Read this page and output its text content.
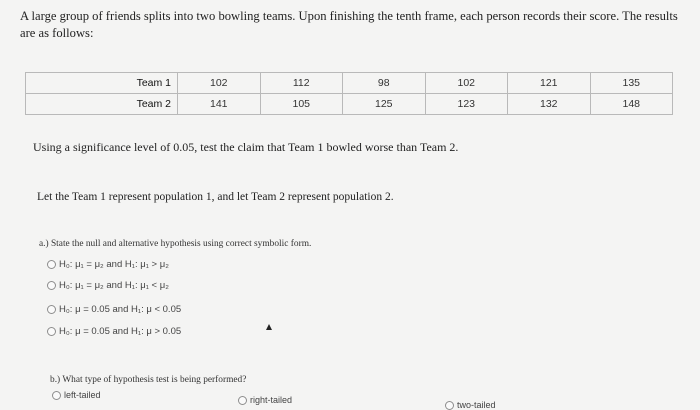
A large group of friends splits into two bowling teams. Upon finishing the tenth frame, each person records their score. The results are as follows:
Team 1	102	112	98	102	121	135
Team 2	141	105	125	123	132	148
Using a significance level of 0.05, test the claim that Team 1 bowled worse than Team 2.
Let the Team 1 represent population 1, and let Team 2 represent population 2.
a.) State the null and alternative hypothesis using correct symbolic form.
H₀: μ₁ = μ₂ and H₁: μ₁ > μ₂
H₀: μ₁ = μ₂ and H₁: μ₁ < μ₂
H₀: μ = 0.05 and H₁: μ < 0.05
H₀: μ = 0.05 and H₁: μ > 0.05
b.) What type of hypothesis test is being performed?
left-tailed	right-tailed	two-tailed
